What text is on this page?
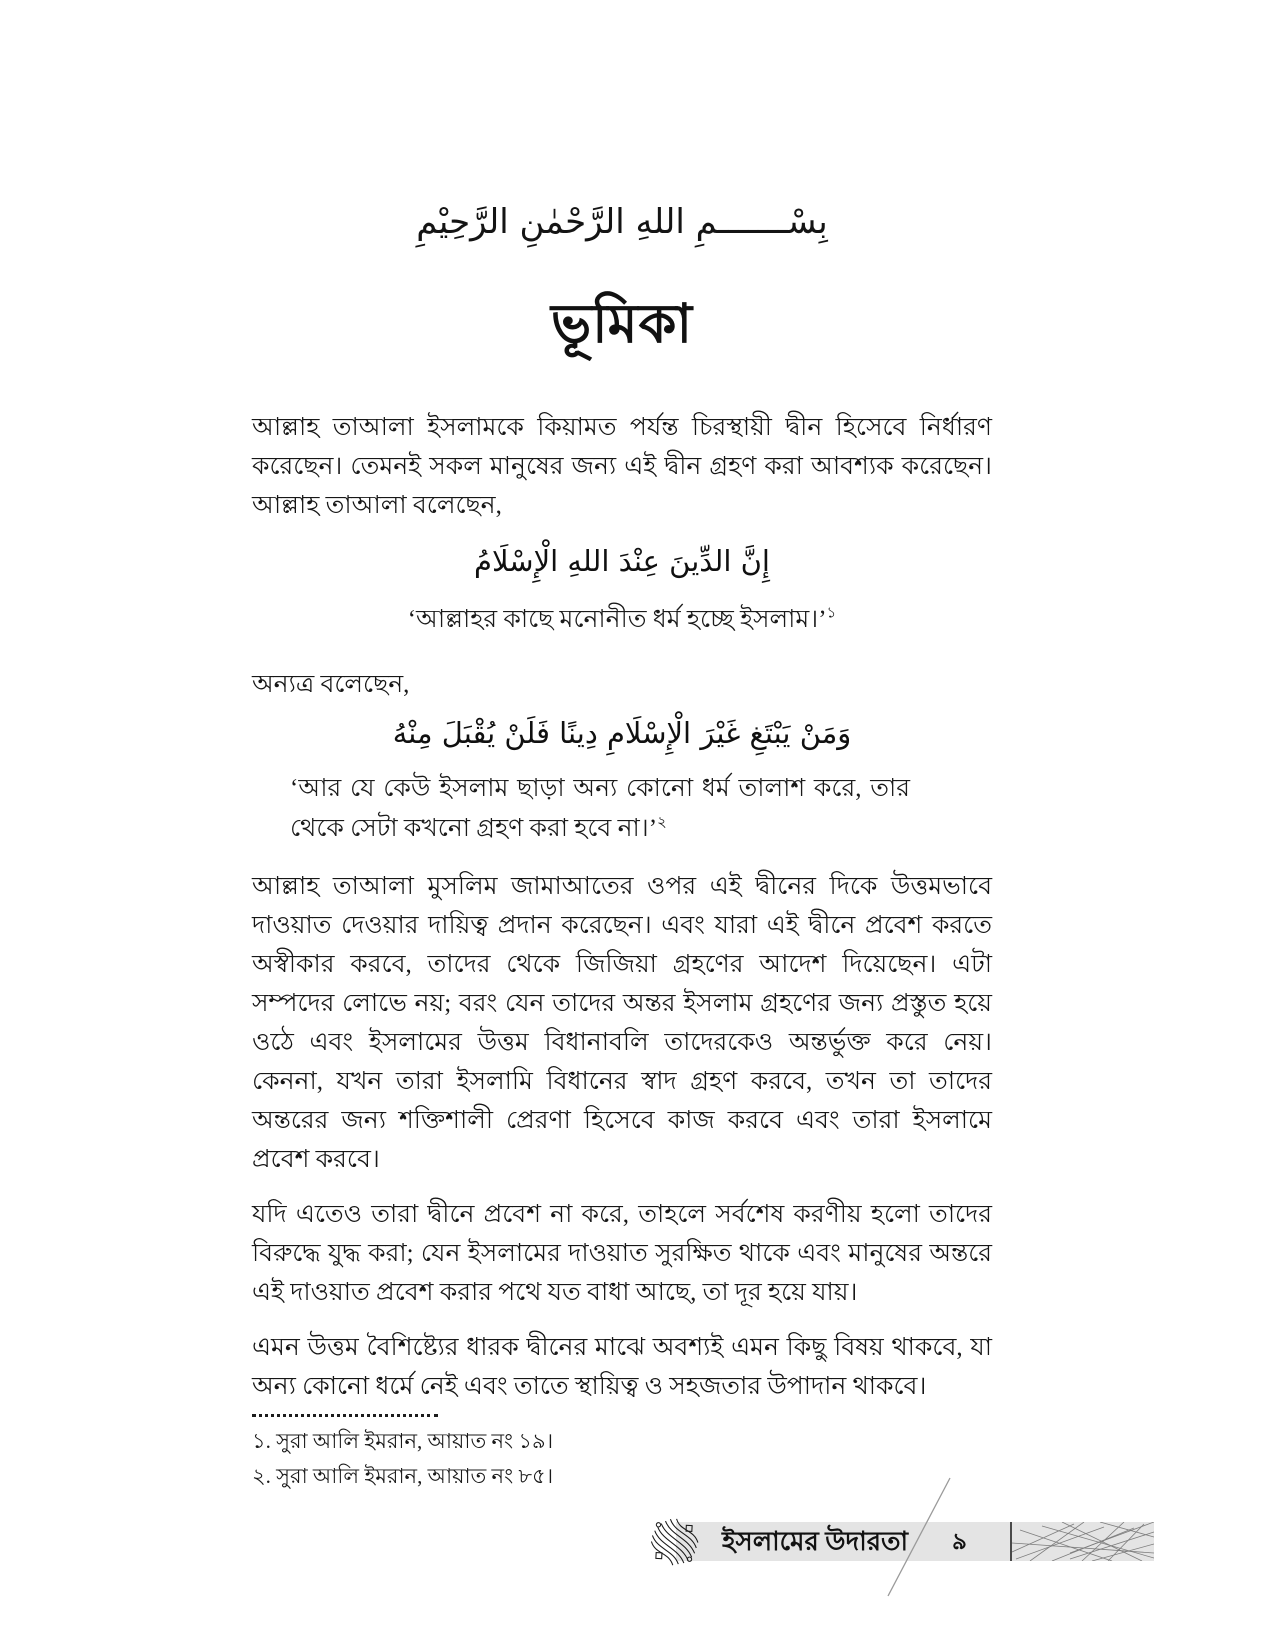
بِسْـــــــمِ اللهِ الرَّحْمٰنِ الرَّحِيْمِ
ভূমিকা

আল্লাহ তাআলা ইসলামকে কিয়ামত পর্যন্ত চিরস্থায়ী দ্বীন হিসেবে নির্ধারণ করেছেন। তেমনই সকল মানুষের জন্য এই দ্বীন গ্রহণ করা আবশ্যক করেছেন। আল্লাহ তাআলা বলেছেন,

إِنَّ الدِّينَ عِنْدَ اللهِ الْإِسْلَامُ
‘আল্লাহর কাছে মনোনীত ধর্ম হচ্ছে ইসলাম।’$^১$

অন্যত্র বলেছেন,

وَمَنْ يَبْتَغِ غَيْرَ الْإِسْلَامِ دِينًا فَلَنْ يُقْبَلَ مِنْهُ
‘আর যে কেউ ইসলাম ছাড়া অন্য কোনো ধর্ম তালাশ করে, তার থেকে সেটা কখনো গ্রহণ করা হবে না।’$^২$

আল্লাহ তাআলা মুসলিম জামাআতের ওপর এই দ্বীনের দিকে উত্তমভাবে দাওয়াত দেওয়ার দায়িত্ব প্রদান করেছেন। এবং যারা এই দ্বীনে প্রবেশ করতে অস্বীকার করবে, তাদের থেকে জিজিয়া গ্রহণের আদেশ দিয়েছেন। এটা সম্পদের লোভে নয়; বরং যেন তাদের অন্তর ইসলাম গ্রহণের জন্য প্রস্তুত হয়ে ওঠে এবং ইসলামের উত্তম বিধানাবলি তাদেরকেও অন্তর্ভুক্ত করে নেয়। কেননা, যখন তারা ইসলামি বিধানের স্বাদ গ্রহণ করবে, তখন তা তাদের অন্তরের জন্য শক্তিশালী প্রেরণা হিসেবে কাজ করবে এবং তারা ইসলামে প্রবেশ করবে।

যদি এতেও তারা দ্বীনে প্রবেশ না করে, তাহলে সর্বশেষ করণীয় হলো তাদের বিরুদ্ধে যুদ্ধ করা; যেন ইসলামের দাওয়াত সুরক্ষিত থাকে এবং মানুষের অন্তরে এই দাওয়াত প্রবেশ করার পথে যত বাধা আছে, তা দূর হয়ে যায়।

এমন উত্তম বৈশিষ্ট্যের ধারক দ্বীনের মাঝে অবশ্যই এমন কিছু বিষয় থাকবে, যা অন্য কোনো ধর্মে নেই এবং তাতে স্থায়িত্ব ও সহজতার উপাদান থাকবে।

১. সুরা আলি ইমরান, আয়াত নং ১৯।
২. সুরা আলি ইমরান, আয়াত নং ৮৫।
ইসলামের উদারতা ৯
